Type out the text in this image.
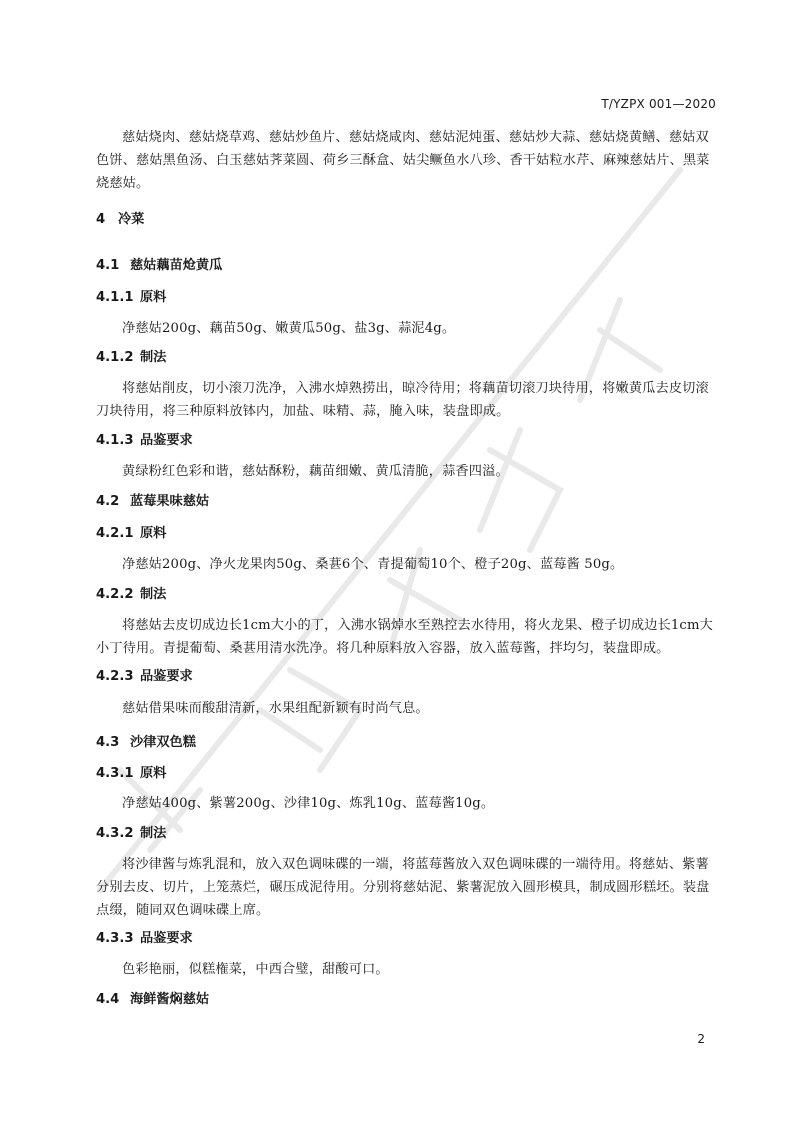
T/YZPX 001—2020
慈姑烧肉、慈姑烧草鸡、慈姑炒鱼片、慈姑烧咸肉、慈姑泥炖蛋、慈姑炒大蒜、慈姑烧黄鳝、慈姑双色饼、慈姑黑鱼汤、白玉慈姑荠菜圆、荷乡三酥盒、姑尖鳜鱼水八珍、香干姑粒水芹、麻辣慈姑片、黑菜烧慈姑。
4 冷菜
4.1 慈姑藕苗炝黄瓜
4.1.1 原料
净慈姑200g、藕苗50g、嫩黄瓜50g、盐3g、蒜泥4g。
4.1.2 制法
将慈姑削皮，切小滚刀洗净，入沸水焯熟捞出，晾冷待用；将藕苗切滚刀块待用，将嫩黄瓜去皮切滚刀块待用，将三种原料放钵内，加盐、味精、蒜，腌入味，装盘即成。
4.1.3 品鉴要求
黄绿粉红色彩和谐，慈姑酥粉，藕苗细嫩、黄瓜清脆，蒜香四溢。
4.2 蓝莓果味慈姑
4.2.1 原料
净慈姑200g、净火龙果肉50g、桑葚6个、青提葡萄10个、橙子20g、蓝莓酱 50g。
4.2.2 制法
将慈姑去皮切成边长1cm大小的丁，入沸水锅焯水至熟控去水待用，将火龙果、橙子切成边长1cm大小丁待用。青提葡萄、桑葚用清水洗净。将几种原料放入容器，放入蓝莓酱，拌均匀，装盘即成。
4.2.3 品鉴要求
慈姑借果味而酸甜清新，水果组配新颖有时尚气息。
4.3 沙律双色糕
4.3.1 原料
净慈姑400g、紫薯200g、沙律10g、炼乳10g、蓝莓酱10g。
4.3.2 制法
将沙律酱与炼乳混和，放入双色调味碟的一端，将蓝莓酱放入双色调味碟的一端待用。将慈姑、紫薯分别去皮、切片，上笼蒸烂，碾压成泥待用。分别将慈姑泥、紫薯泥放入圆形模具，制成圆形糕坯。装盘点缀，随同双色调味碟上席。
4.3.3 品鉴要求
色彩艳丽，似糕権菜，中西合璧，甜酸可口。
4.4 海鲜酱焖慈姑
2
